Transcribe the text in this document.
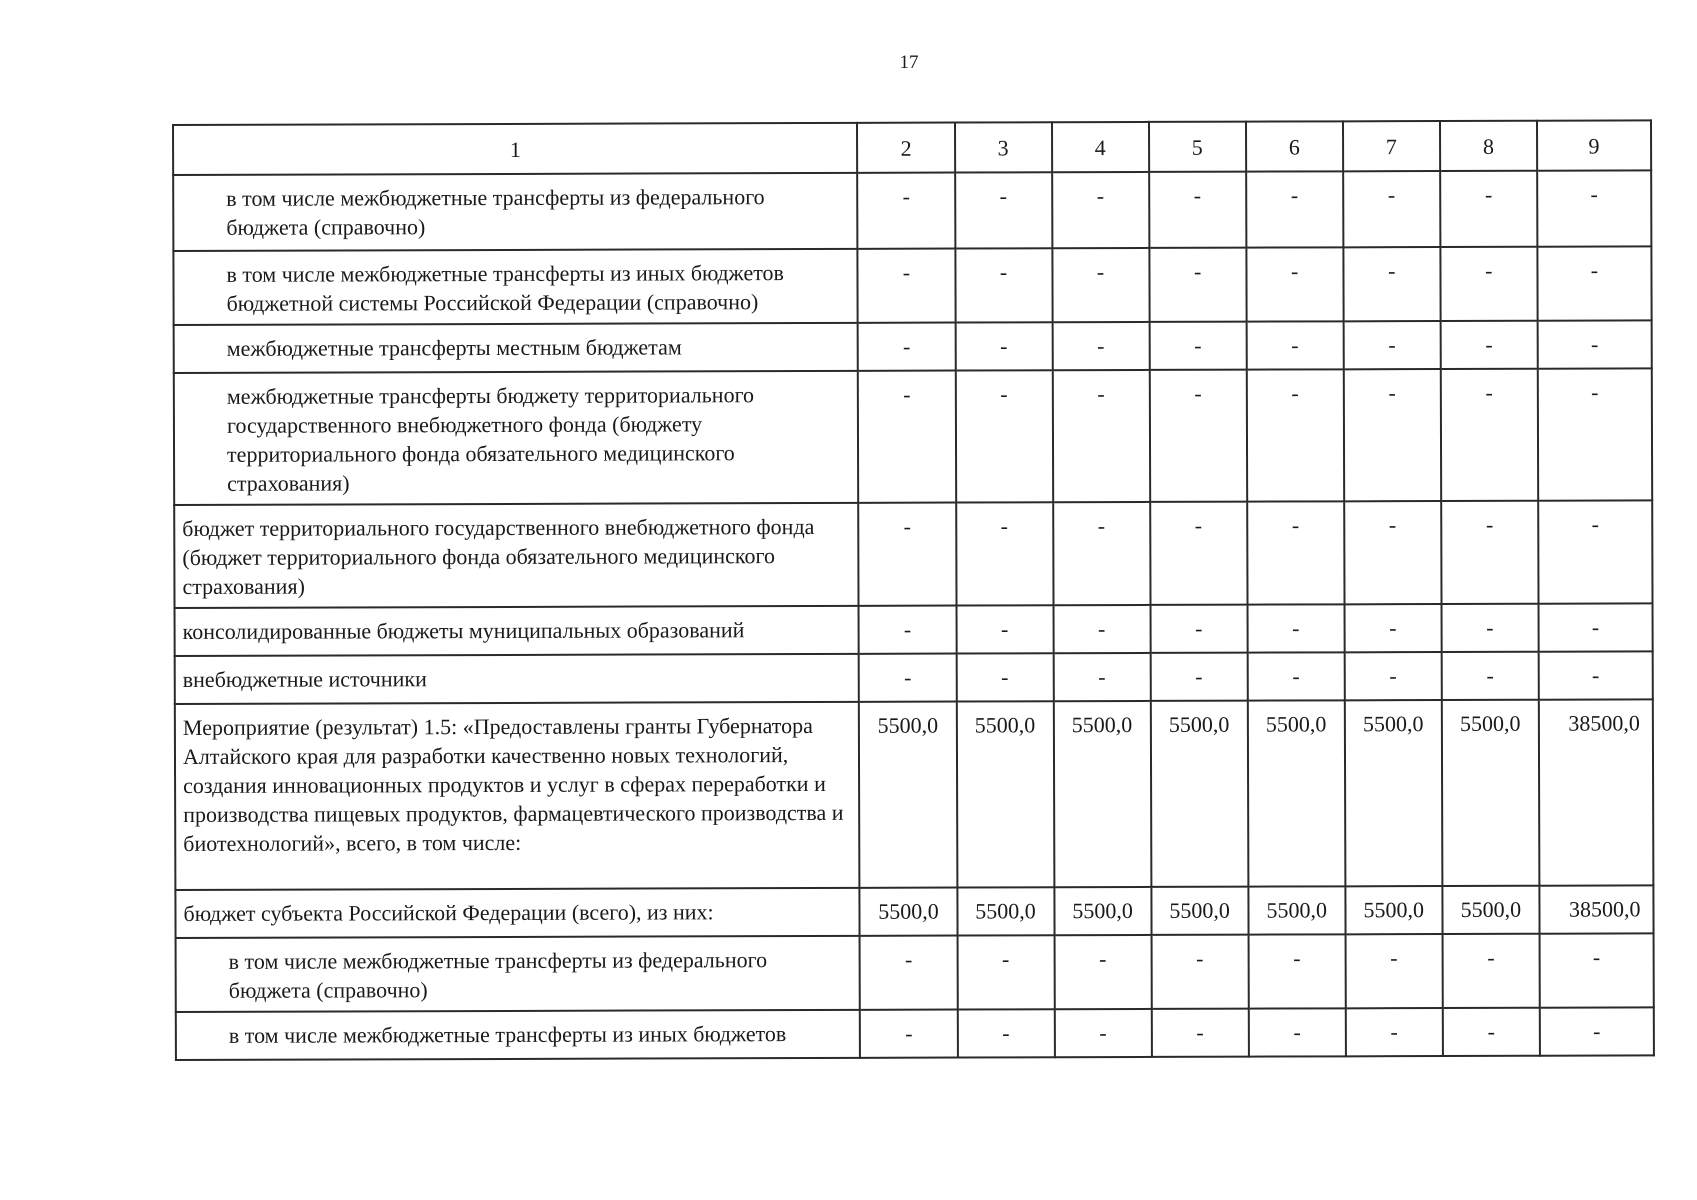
17
1	2	3	4	5	6	7	8	9
в том числе межбюджетные трансферты из федерального бюджета (справочно)	-	-	-	-	-	-	-	-
в том числе межбюджетные трансферты из иных бюджетов бюджетной системы Российской Федерации (справочно)	-	-	-	-	-	-	-	-
межбюджетные трансферты местным бюджетам	-	-	-	-	-	-	-	-
межбюджетные трансферты бюджету территориального государственного внебюджетного фонда (бюджету территориального фонда обязательного медицинского страхования)	-	-	-	-	-	-	-	-
бюджет территориального государственного внебюджетного фонда (бюджет территориального фонда обязательного медицинского страхования)	-	-	-	-	-	-	-	-
консолидированные бюджеты муниципальных образований	-	-	-	-	-	-	-	-
внебюджетные источники	-	-	-	-	-	-	-	-
Мероприятие (результат) 1.5: «Предоставлены гранты Губернатора Алтайского края для разработки качественно новых технологий, создания инновационных продуктов и услуг в сферах переработки и производства пищевых продуктов, фармацевтического производства и биотехнологий», всего, в том числе:	5500,0	5500,0	5500,0	5500,0	5500,0	5500,0	5500,0	38500,0
бюджет субъекта Российской Федерации (всего), из них:	5500,0	5500,0	5500,0	5500,0	5500,0	5500,0	5500,0	38500,0
в том числе межбюджетные трансферты из федерального бюджета (справочно)	-	-	-	-	-	-	-	-
в том числе межбюджетные трансферты из иных бюджетов	-	-	-	-	-	-	-	-
